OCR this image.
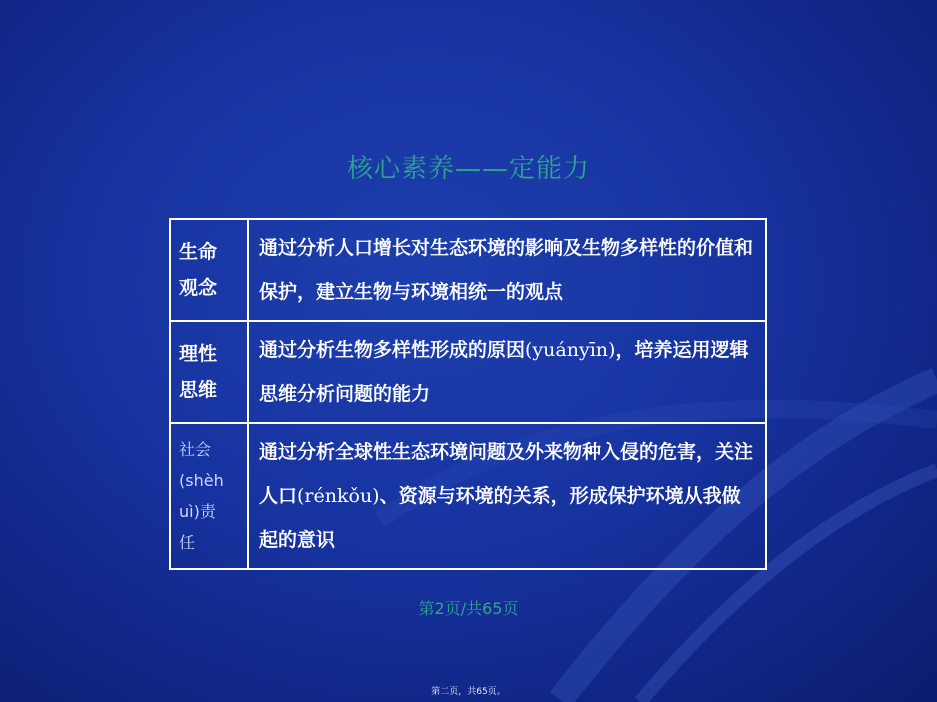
核心素养——定能力
生命
观念	通过分析人口增长对生态环境的影响及生物多样性的价值和保护，建立生物与环境相统一的观点
理性
思维	通过分析生物多样性形成的原因(yuányīn)，培养运用逻辑思维分析问题的能力
社会
(shèh
uì)责
任	通过分析全球性生态环境问题及外来物种入侵的危害，关注人口(rénkǒu)、资源与环境的关系，形成保护环境从我做起的意识
第2页/共65页
第二页，共65页。
